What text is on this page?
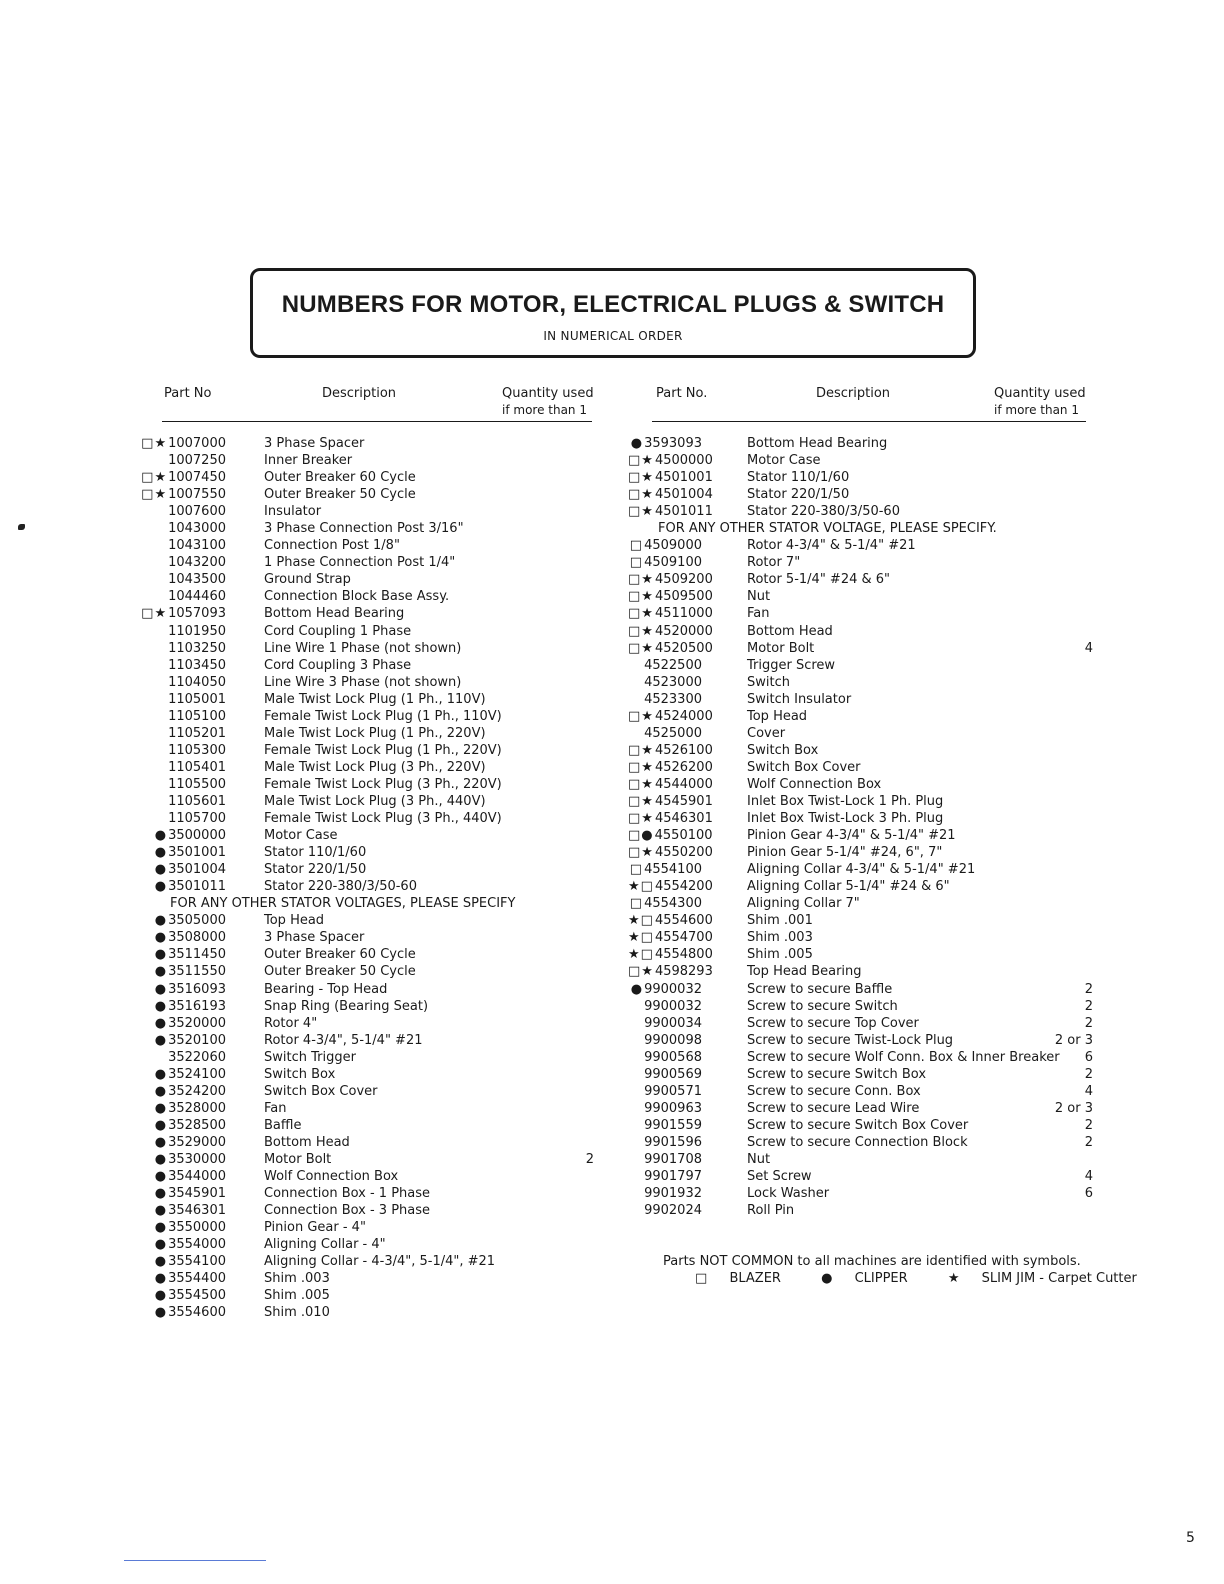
NUMBERS FOR MOTOR, ELECTRICAL PLUGS & SWITCH
IN NUMERICAL ORDER
Part No	Description	Quantity used
if more than 1
Part No.	Description	Quantity used
if more than 1
□★1007000	3 Phase Spacer
1007250	Inner Breaker
□★1007450	Outer Breaker 60 Cycle
□★1007550	Outer Breaker 50 Cycle
1007600	Insulator
1043000	3 Phase Connection Post 3/16"
1043100	Connection Post 1/8"
1043200	1 Phase Connection Post 1/4"
1043500	Ground Strap
1044460	Connection Block Base Assy.
□★1057093	Bottom Head Bearing
1101950	Cord Coupling 1 Phase
1103250	Line Wire 1 Phase (not shown)
1103450	Cord Coupling 3 Phase
1104050	Line Wire 3 Phase (not shown)
1105001	Male Twist Lock Plug (1 Ph., 110V)
1105100	Female Twist Lock Plug (1 Ph., 110V)
1105201	Male Twist Lock Plug (1 Ph., 220V)
1105300	Female Twist Lock Plug (1 Ph., 220V)
1105401	Male Twist Lock Plug (3 Ph., 220V)
1105500	Female Twist Lock Plug (3 Ph., 220V)
1105601	Male Twist Lock Plug (3 Ph., 440V)
1105700	Female Twist Lock Plug (3 Ph., 440V)
●3500000	Motor Case
●3501001	Stator 110/1/60
●3501004	Stator 220/1/50
●3501011	Stator 220-380/3/50-60
FOR ANY OTHER STATOR VOLTAGES, PLEASE SPECIFY
●3505000	Top Head
●3508000	3 Phase Spacer
●3511450	Outer Breaker 60 Cycle
●3511550	Outer Breaker 50 Cycle
●3516093	Bearing - Top Head
●3516193	Snap Ring (Bearing Seat)
●3520000	Rotor 4"
●3520100	Rotor 4-3/4", 5-1/4" #21
3522060	Switch Trigger
●3524100	Switch Box
●3524200	Switch Box Cover
●3528000	Fan
●3528500	Baffle
●3529000	Bottom Head
●3530000	Motor Bolt	2
●3544000	Wolf Connection Box
●3545901	Connection Box - 1 Phase
●3546301	Connection Box - 3 Phase
●3550000	Pinion Gear - 4"
●3554000	Aligning Collar - 4"
●3554100	Aligning Collar - 4-3/4", 5-1/4", #21
●3554400	Shim .003
●3554500	Shim .005
●3554600	Shim .010
●3593093	Bottom Head Bearing
□★4500000	Motor Case
□★4501001	Stator 110/1/60
□★4501004	Stator 220/1/50
□★4501011	Stator 220-380/3/50-60
FOR ANY OTHER STATOR VOLTAGE, PLEASE SPECIFY.
□4509000	Rotor 4-3/4" & 5-1/4" #21
□4509100	Rotor 7"
□★4509200	Rotor 5-1/4" #24 & 6"
□★4509500	Nut
□★4511000	Fan
□★4520000	Bottom Head
□★4520500	Motor Bolt	4
4522500	Trigger Screw
4523000	Switch
4523300	Switch Insulator
□★4524000	Top Head
4525000	Cover
□★4526100	Switch Box
□★4526200	Switch Box Cover
□★4544000	Wolf Connection Box
□★4545901	Inlet Box Twist-Lock 1 Ph. Plug
□★4546301	Inlet Box Twist-Lock 3 Ph. Plug
□●4550100	Pinion Gear 4-3/4" & 5-1/4" #21
□★4550200	Pinion Gear 5-1/4" #24, 6", 7"
□4554100	Aligning Collar 4-3/4" & 5-1/4" #21
★□4554200	Aligning Collar 5-1/4" #24 & 6"
□4554300	Aligning Collar 7"
★□4554600	Shim .001
★□4554700	Shim .003
★□4554800	Shim .005
□★4598293	Top Head Bearing
●9900032	Screw to secure Baffle	2
9900032	Screw to secure Switch	2
9900034	Screw to secure Top Cover	2
9900098	Screw to secure Twist-Lock Plug	2 or 3
9900568	Screw to secure Wolf Conn. Box & Inner Breaker	6
9900569	Screw to secure Switch Box	2
9900571	Screw to secure Conn. Box	4
9900963	Screw to secure Lead Wire	2 or 3
9901559	Screw to secure Switch Box Cover	2
9901596	Screw to secure Connection Block	2
9901708	Nut
9901797	Set Screw	4
9901932	Lock Washer	6
9902024	Roll Pin
Parts NOT COMMON to all machines are identified with symbols.
□ BLAZER	● CLIPPER	★ SLIM JIM - Carpet Cutter
5
